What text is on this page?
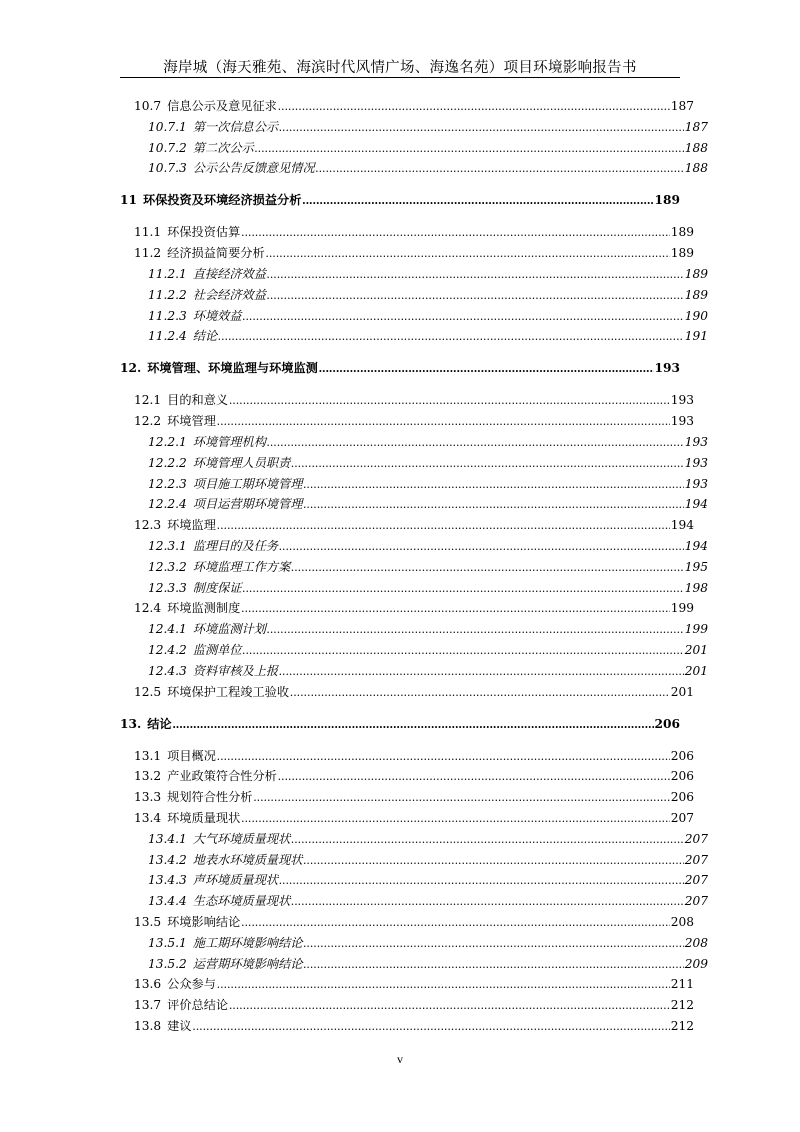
海岸城（海天雅苑、海滨时代风情广场、海逸名苑）项目环境影响报告书
10.7 信息公示及意见征求 .....	187
10.7.1 第一次信息公示 .....	187
10.7.2 第二次公示 .....	188
10.7.3 公示公告反馈意见情况 .....	188
11 环保投资及环境经济损益分析 .....	189
11.1 环保投资估算 .....	189
11.2 经济损益简要分析 .....	189
11.2.1 直接经济效益 .....	189
11.2.2 社会经济效益 .....	189
11.2.3 环境效益 .....	190
11.2.4 结论 .....	191
12. 环境管理、环境监理与环境监测 .....	193
12.1 目的和意义 .....	193
12.2 环境管理 .....	193
12.2.1 环境管理机构 .....	193
12.2.2 环境管理人员职责 .....	193
12.2.3 项目施工期环境管理 .....	193
12.2.4 项目运营期环境管理 .....	194
12.3 环境监理 .....	194
12.3.1 监理目的及任务 .....	194
12.3.2 环境监理工作方案 .....	195
12.3.3 制度保证 .....	198
12.4 环境监测制度 .....	199
12.4.1 环境监测计划 .....	199
12.4.2 监测单位 .....	201
12.4.3 资料审核及上报 .....	201
12.5 环境保护工程竣工验收 .....	201
13. 结论 .....	206
13.1 项目概况 .....	206
13.2 产业政策符合性分析 .....	206
13.3 规划符合性分析 .....	206
13.4 环境质量现状 .....	207
13.4.1 大气环境质量现状 .....	207
13.4.2 地表水环境质量现状 .....	207
13.4.3 声环境质量现状 .....	207
13.4.4 生态环境质量现状 .....	207
13.5 环境影响结论 .....	208
13.5.1 施工期环境影响结论 .....	208
13.5.2 运营期环境影响结论 .....	209
13.6 公众参与 .....	211
13.7 评价总结论 .....	212
13.8 建议 .....	212
v
